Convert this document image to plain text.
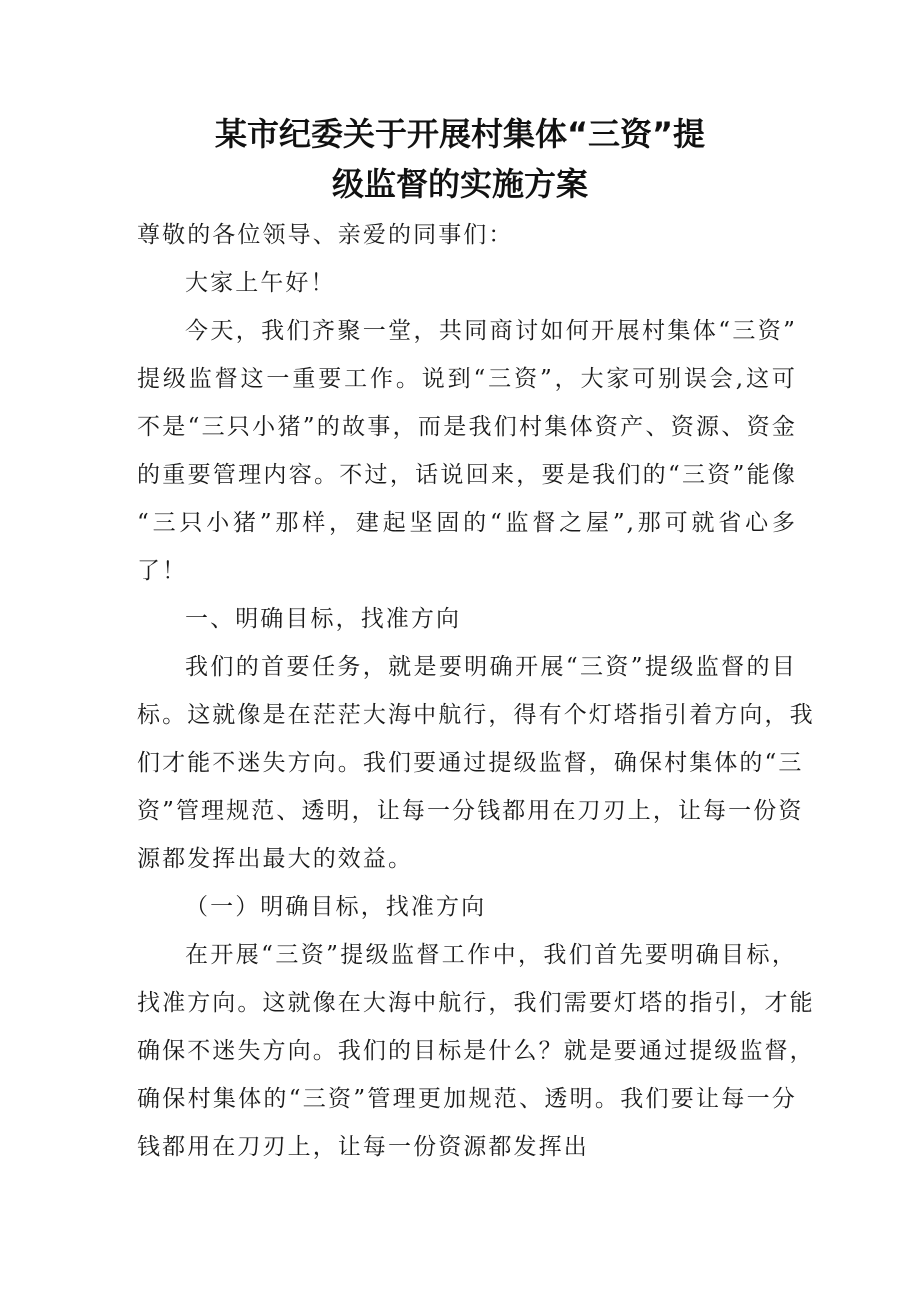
某市纪委关于开展村集体“三资”提
级监督的实施方案
尊敬的各位领导、亲爱的同事们：
大家上午好！
今天，我们齐聚一堂，共同商讨如何开展村集体“三资”
提级监督这一重要工作。说到“三资”，大家可别误会,这可
不是“三只小猪”的故事，而是我们村集体资产、资源、资金
的重要管理内容。不过，话说回来，要是我们的“三资”能像
“三只小猪”那样，建起坚固的“监督之屋”,那可就省心多
了！
一、明确目标，找准方向
我们的首要任务，就是要明确开展“三资”提级监督的目
标。这就像是在茫茫大海中航行，得有个灯塔指引着方向，我
们才能不迷失方向。我们要通过提级监督，确保村集体的“三
资”管理规范、透明，让每一分钱都用在刀刃上，让每一份资
源都发挥出最大的效益。
（一）明确目标，找准方向
在开展“三资”提级监督工作中，我们首先要明确目标，
找准方向。这就像在大海中航行，我们需要灯塔的指引，才能
确保不迷失方向。我们的目标是什么？就是要通过提级监督，
确保村集体的“三资”管理更加规范、透明。我们要让每一分
钱都用在刀刃上，让每一份资源都发挥出
